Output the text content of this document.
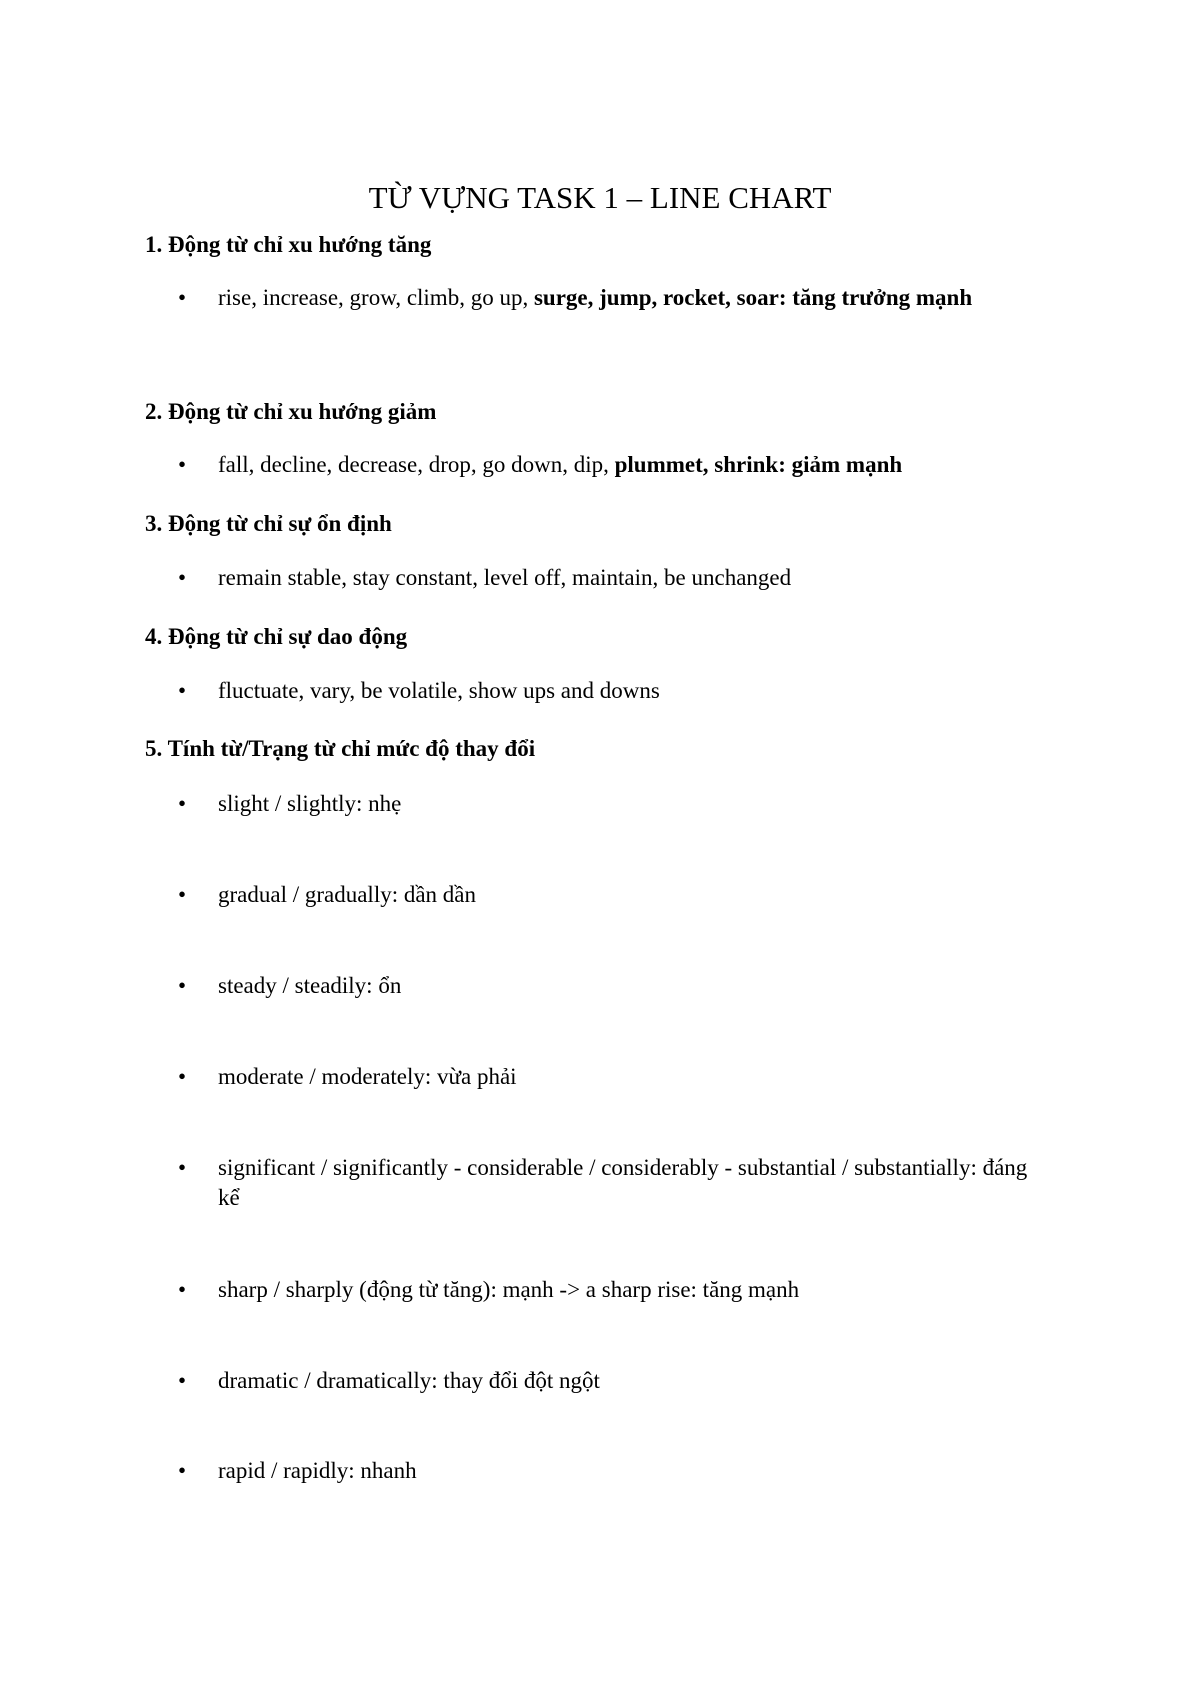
TỪ VỰNG TASK 1 – LINE CHART

1. Động từ chỉ xu hướng tăng

•	rise, increase, grow, climb, go up, surge, jump, rocket, soar: tăng trưởng mạnh

2. Động từ chỉ xu hướng giảm

•	fall, decline, decrease, drop, go down, dip, plummet, shrink: giảm mạnh

3. Động từ chỉ sự ổn định

•	remain stable, stay constant, level off, maintain, be unchanged

4. Động từ chỉ sự dao động

•	fluctuate, vary, be volatile, show ups and downs

5. Tính từ/Trạng từ chỉ mức độ thay đổi

•	slight / slightly: nhẹ

•	gradual / gradually: dần dần

•	steady / steadily: ổn

•	moderate / moderately: vừa phải

•	significant / significantly - considerable / considerably - substantial / substantially: đáng kể

•	sharp / sharply (động từ tăng): mạnh -> a sharp rise: tăng mạnh

•	dramatic / dramatically: thay đổi đột ngột

•	rapid / rapidly: nhanh
